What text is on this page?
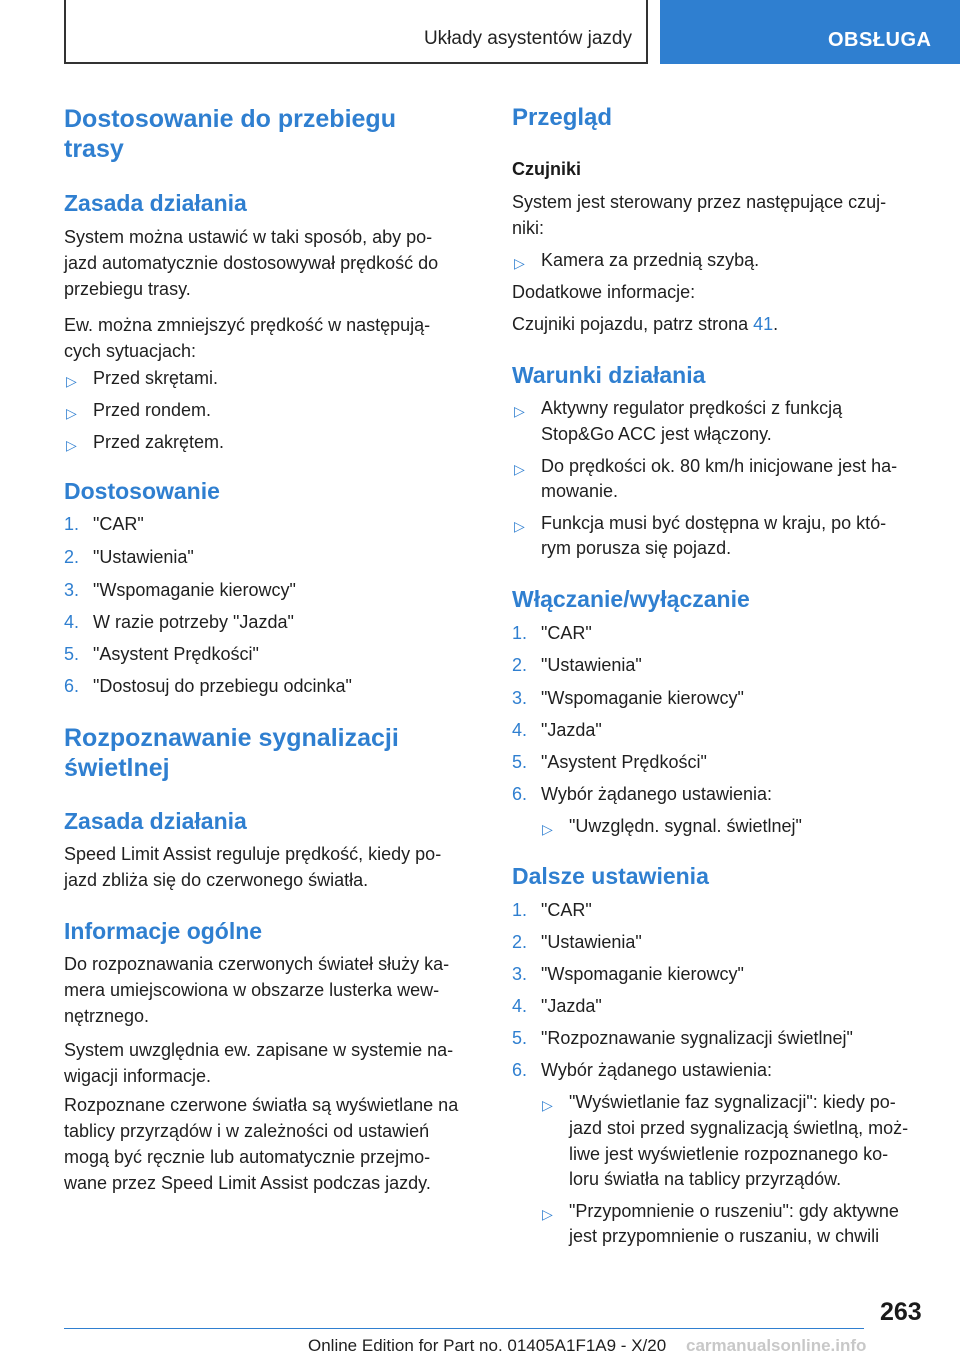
Układy asystentów jazdy	OBSŁUGA
Dostosowanie do przebiegu
trasy
Zasada działania
System można ustawić w taki sposób, aby po-
jazd automatycznie dostosowywał prędkość do
przebiegu trasy.
Ew. można zmniejszyć prędkość w następują-
cych sytuacjach:
▷ Przed skrętami.
▷ Przed rondem.
▷ Przed zakrętem.
Dostosowanie
1. "CAR"
2. "Ustawienia"
3. "Wspomaganie kierowcy"
4. W razie potrzeby "Jazda"
5. "Asystent Prędkości"
6. "Dostosuj do przebiegu odcinka"
Rozpoznawanie sygnalizacji
świetlnej
Zasada działania
Speed Limit Assist reguluje prędkość, kiedy po-
jazd zbliża się do czerwonego światła.
Informacje ogólne
Do rozpoznawania czerwonych świateł służy ka-
mera umiejscowiona w obszarze lusterka wew-
nętrznego.
System uwzględnia ew. zapisane w systemie na-
wigacji informacje.
Rozpoznane czerwone światła są wyświetlane na
tablicy przyrządów i w zależności od ustawień
mogą być ręcznie lub automatycznie przejmo-
wane przez Speed Limit Assist podczas jazdy.
Przegląd
Czujniki
System jest sterowany przez następujące czuj-
niki:
▷ Kamera za przednią szybą.
Dodatkowe informacje:
Czujniki pojazdu, patrz strona 41.
Warunki działania
▷ Aktywny regulator prędkości z funkcją
Stop&Go ACC jest włączony.
▷ Do prędkości ok. 80 km/h inicjowane jest ha-
mowanie.
▷ Funkcja musi być dostępna w kraju, po któ-
rym porusza się pojazd.
Włączanie/wyłączanie
1. "CAR"
2. "Ustawienia"
3. "Wspomaganie kierowcy"
4. "Jazda"
5. "Asystent Prędkości"
6. Wybór żądanego ustawienia:
▷ "Uwzględn. sygnal. świetlnej"
Dalsze ustawienia
1. "CAR"
2. "Ustawienia"
3. "Wspomaganie kierowcy"
4. "Jazda"
5. "Rozpoznawanie sygnalizacji świetlnej"
6. Wybór żądanego ustawienia:
▷ "Wyświetlanie faz sygnalizacji": kiedy po-
jazd stoi przed sygnalizacją świetlną, moż-
liwe jest wyświetlenie rozpoznanego ko-
loru światła na tablicy przyrządów.
▷ "Przypomnienie o ruszeniu": gdy aktywne
jest przypomnienie o ruszaniu, w chwili
263
Online Edition for Part no. 01405A1F1A9 - X/20 carmanualsonline.info
